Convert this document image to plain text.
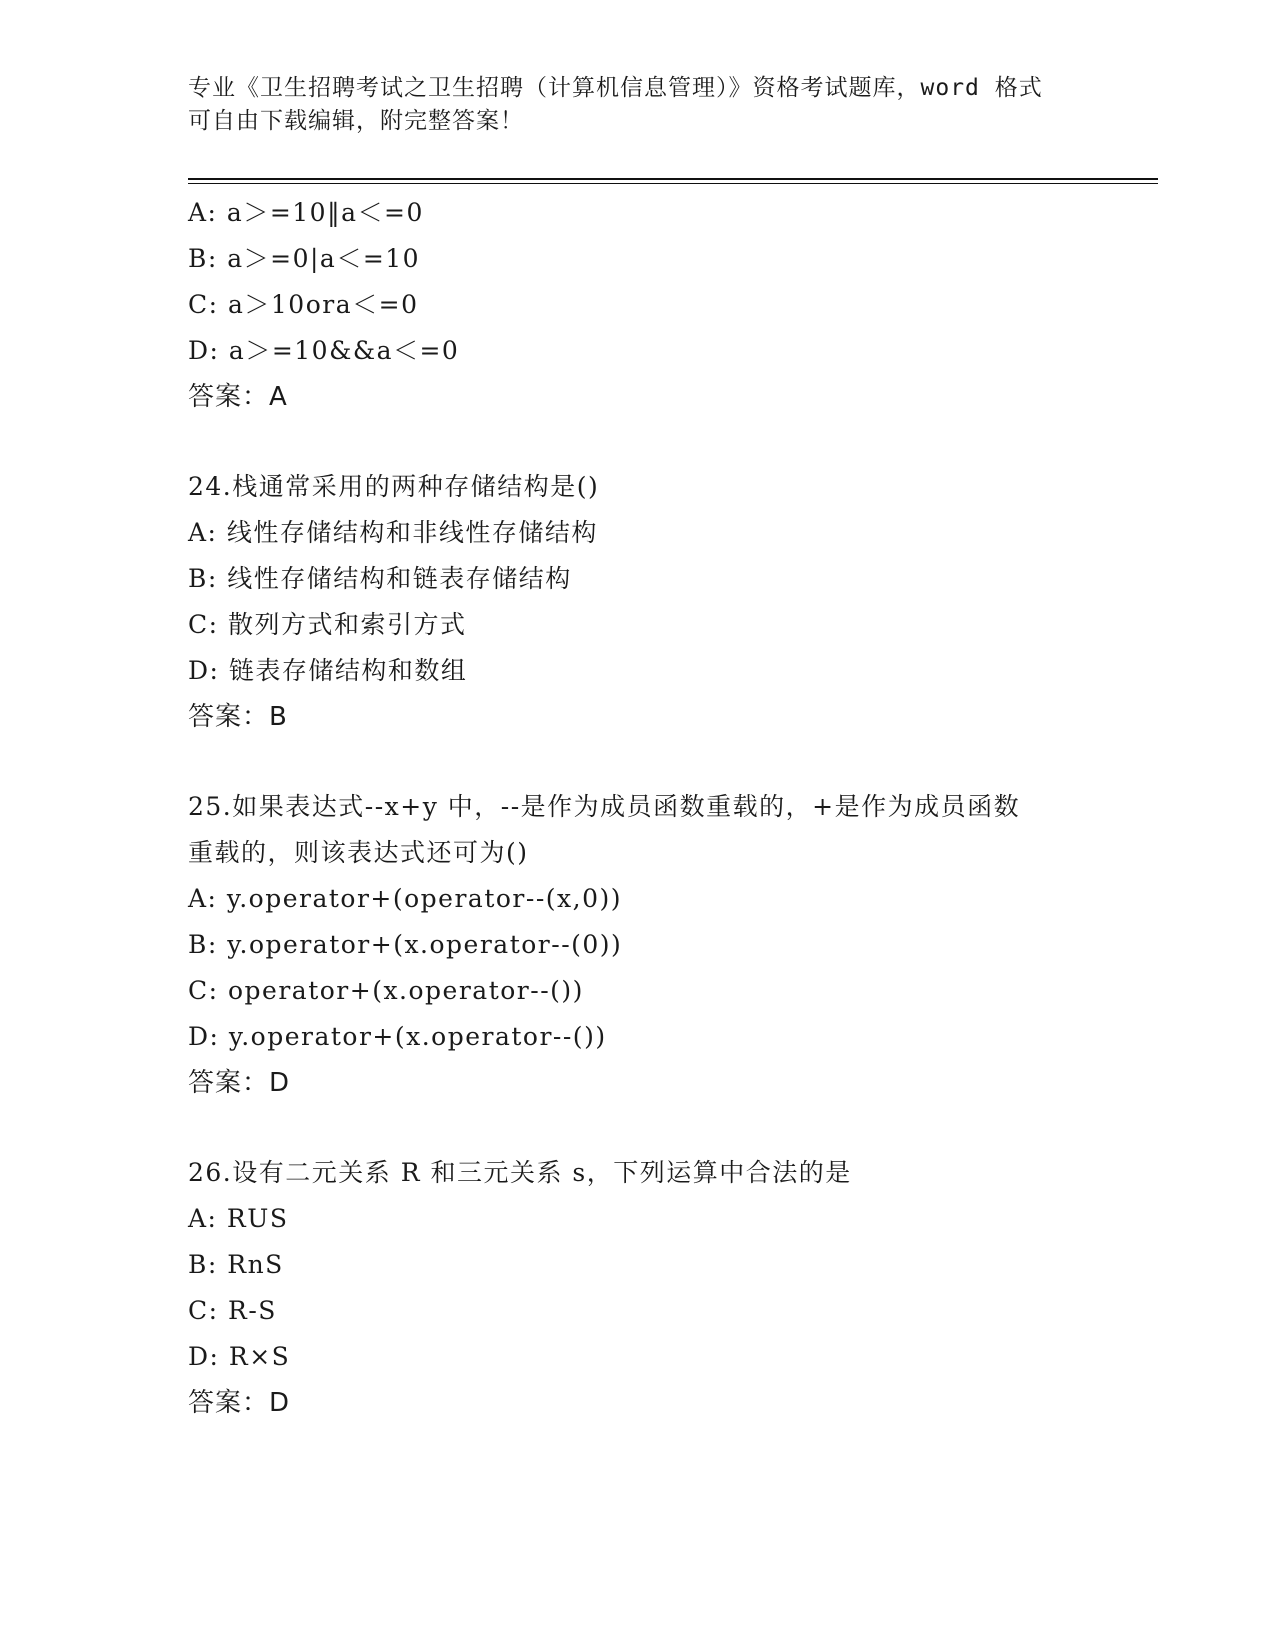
专业《卫生招聘考试之卫生招聘（计算机信息管理）》资格考试题库，word 格式
可自由下载编辑，附完整答案！
A: a＞=10‖a＜=0
B: a＞=0|a＜=10
C: a＞10ora＜=0
D: a＞=10&&a＜=0
答案：A
24.栈通常采用的两种存储结构是()
A: 线性存储结构和非线性存储结构
B: 线性存储结构和链表存储结构
C: 散列方式和索引方式
D: 链表存储结构和数组
答案：B
25.如果表达式--x+y 中，--是作为成员函数重载的，+是作为成员函数
重载的，则该表达式还可为()
A: y.operator+(operator--(x,0))
B: y.operator+(x.operator--(0))
C: operator+(x.operator--())
D: y.operator+(x.operator--())
答案：D
26.设有二元关系 R 和三元关系 s，下列运算中合法的是
A: RUS
B: RnS
C: R-S
D: R×S
答案：D
